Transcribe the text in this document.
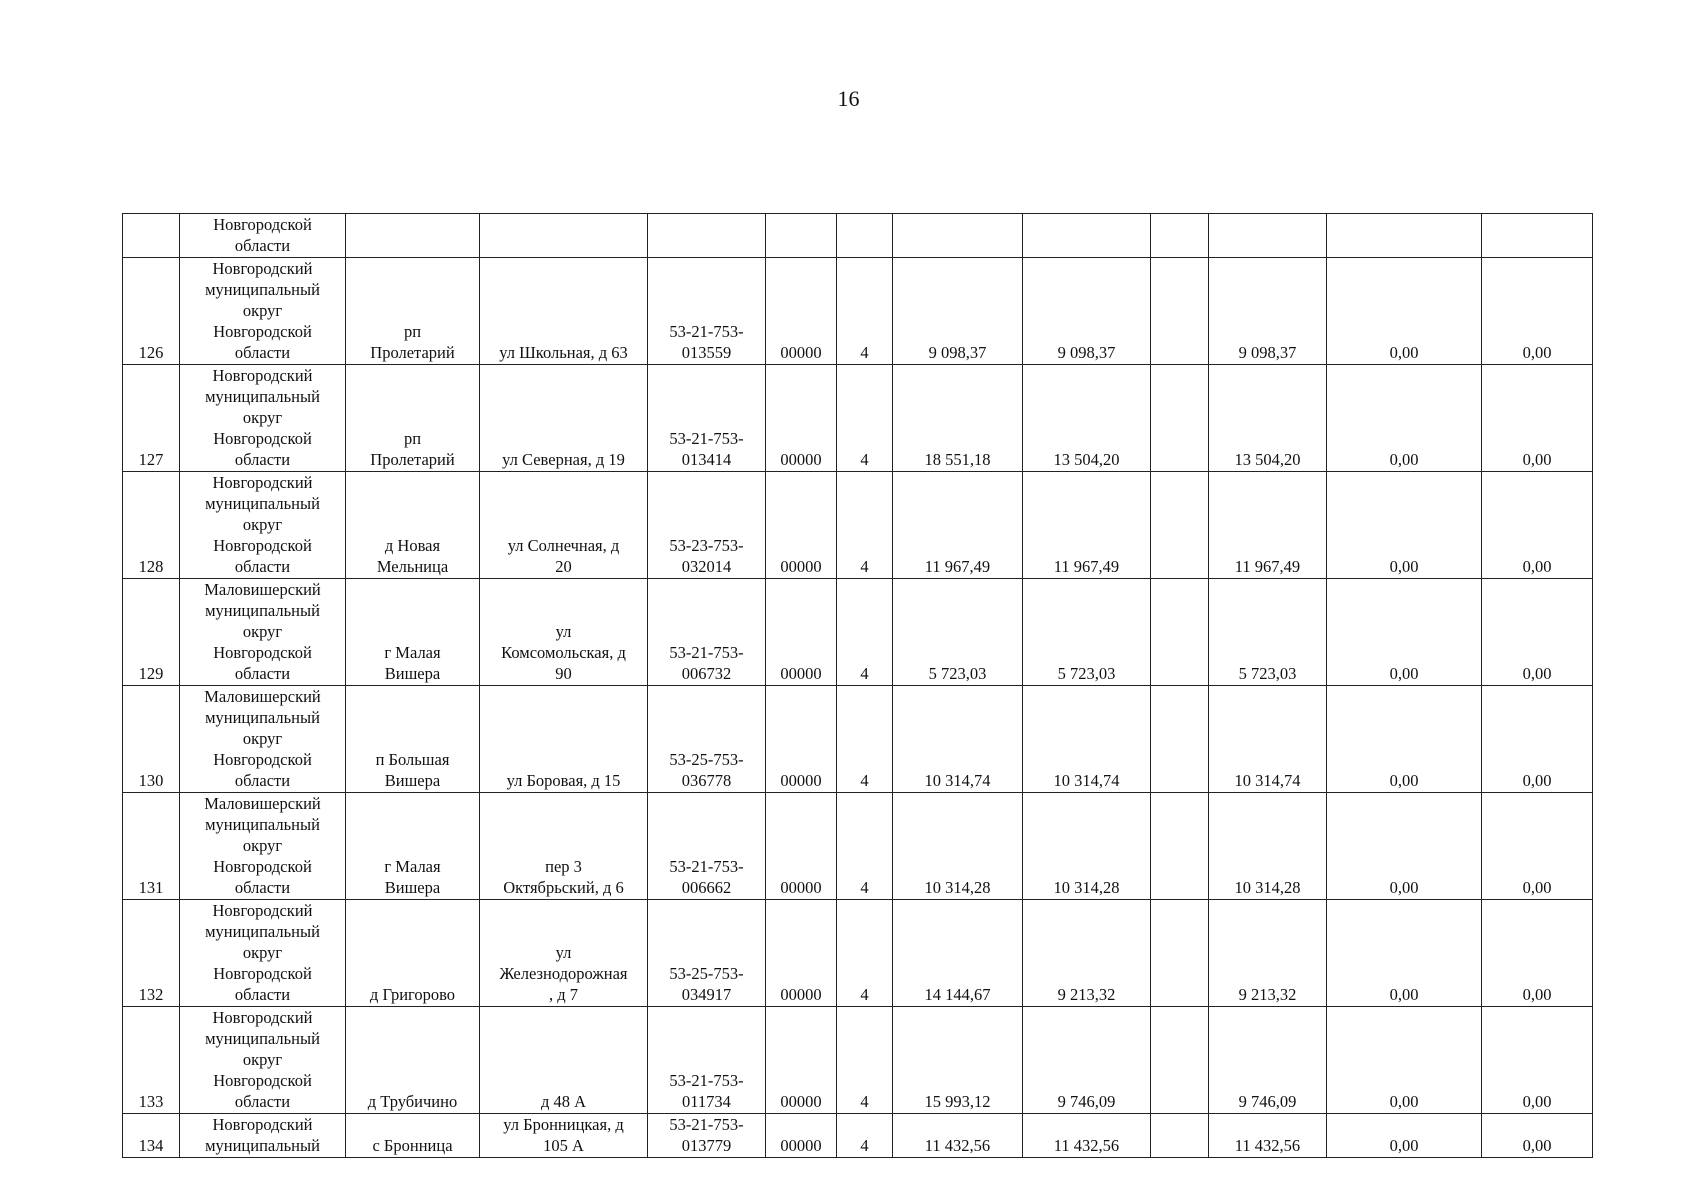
16
	Новгородской
области											
126	Новгородский
муниципальный
округ
Новгородской
области	рп
Пролетарий	ул Школьная, д 63	53-21-753-
013559	00000	4	9 098,37	9 098,37		9 098,37	0,00	0,00
127	Новгородский
муниципальный
округ
Новгородской
области	рп
Пролетарий	ул Северная, д 19	53-21-753-
013414	00000	4	18 551,18	13 504,20		13 504,20	0,00	0,00
128	Новгородский
муниципальный
округ
Новгородской
области	д Новая
Мельница	ул Солнечная, д
20	53-23-753-
032014	00000	4	11 967,49	11 967,49		11 967,49	0,00	0,00
129	Маловишерский
муниципальный
округ
Новгородской
области	г Малая
Вишера	ул
Комсомольская, д
90	53-21-753-
006732	00000	4	5 723,03	5 723,03		5 723,03	0,00	0,00
130	Маловишерский
муниципальный
округ
Новгородской
области	п Большая
Вишера	ул Боровая, д 15	53-25-753-
036778	00000	4	10 314,74	10 314,74		10 314,74	0,00	0,00
131	Маловишерский
муниципальный
округ
Новгородской
области	г Малая
Вишера	пер 3
Октябрьский, д 6	53-21-753-
006662	00000	4	10 314,28	10 314,28		10 314,28	0,00	0,00
132	Новгородский
муниципальный
округ
Новгородской
области	д Григорово	ул
Железнодорожная
, д 7	53-25-753-
034917	00000	4	14 144,67	9 213,32		9 213,32	0,00	0,00
133	Новгородский
муниципальный
округ
Новгородской
области	д Трубичино	д 48 А	53-21-753-
011734	00000	4	15 993,12	9 746,09		9 746,09	0,00	0,00
134	Новгородский
муниципальный	с Бронница	ул Бронницкая, д
105 А	53-21-753-
013779	00000	4	11 432,56	11 432,56		11 432,56	0,00	0,00
